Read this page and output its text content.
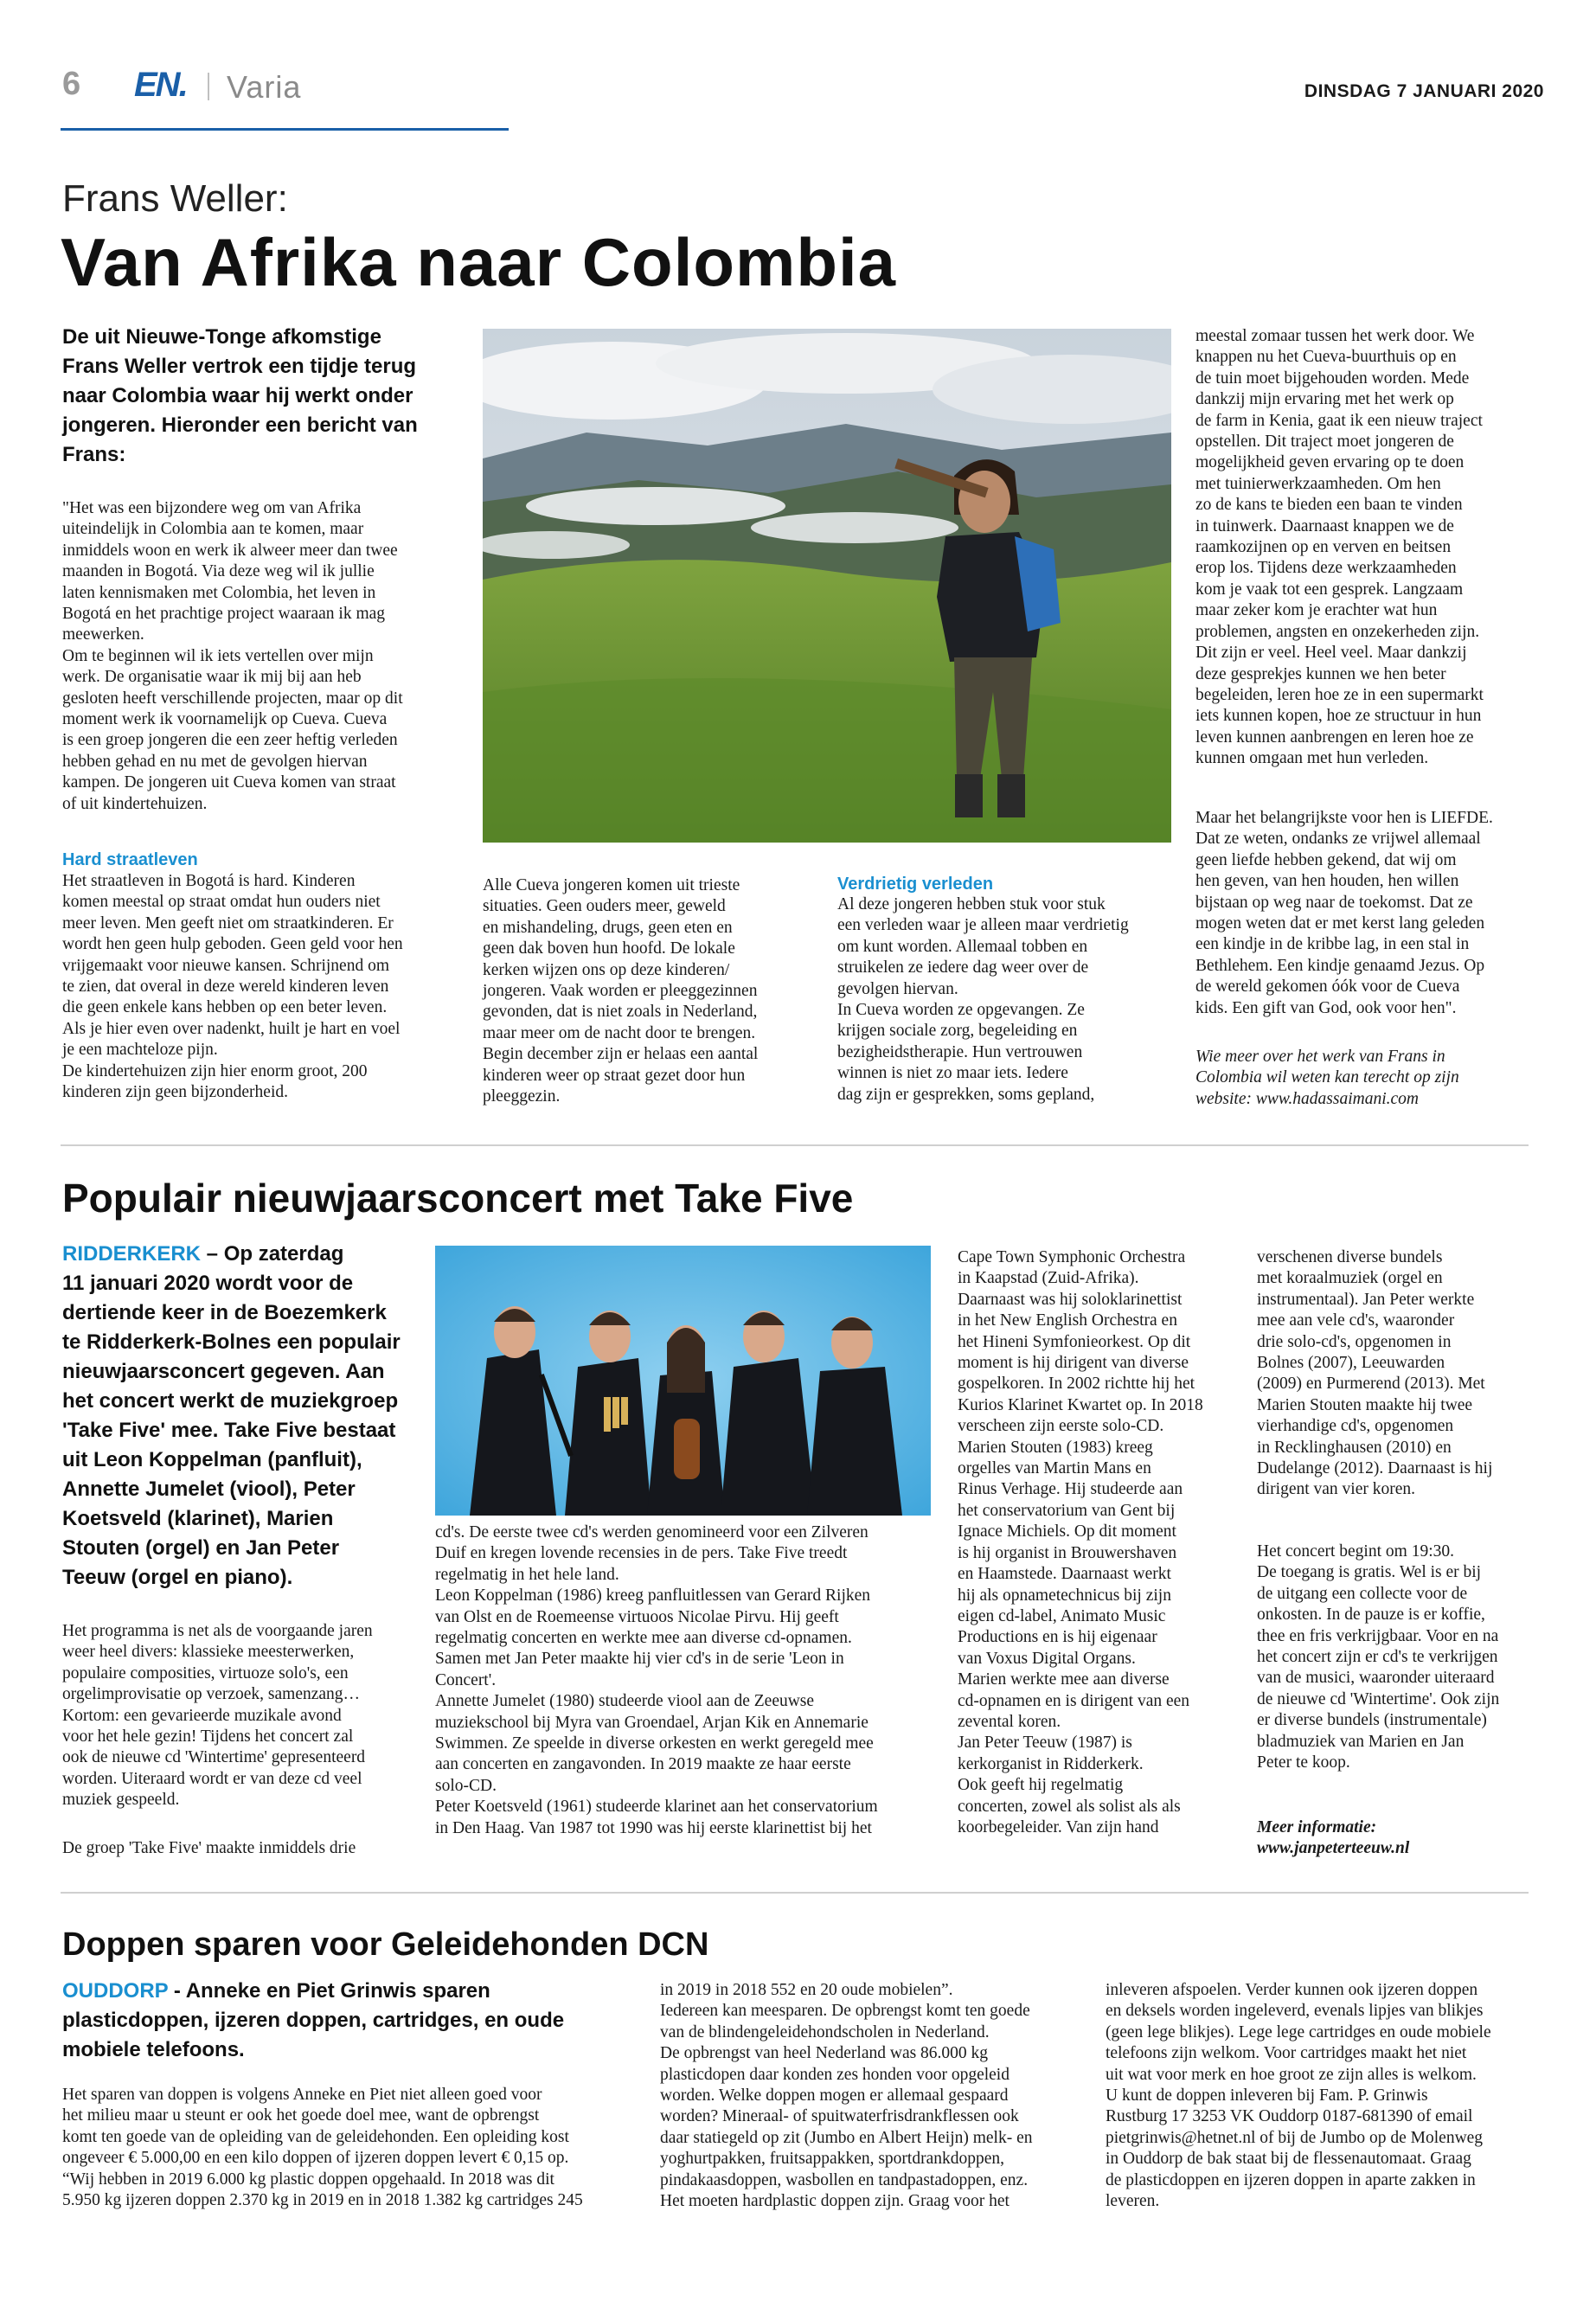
6 EN. Varia	DINSDAG 7 JANUARI 2020
Frans Weller:
Van Afrika naar Colombia
De uit Nieuwe-Tonge afkomstige
Frans Weller vertrok een tijdje terug
naar Colombia waar hij werkt onder
jongeren. Hieronder een bericht van
Frans:
"Het was een bijzondere weg om van Afrika
uiteindelijk in Colombia aan te komen, maar
inmiddels woon en werk ik alweer meer dan twee
maanden in Bogotá. Via deze weg wil ik jullie
laten kennismaken met Colombia, het leven in
Bogotá en het prachtige project waaraan ik mag
meewerken.
Om te beginnen wil ik iets vertellen over mijn
werk. De organisatie waar ik mij bij aan heb
gesloten heeft verschillende projecten, maar op dit
moment werk ik voornamelijk op Cueva. Cueva
is een groep jongeren die een zeer heftig verleden
hebben gehad en nu met de gevolgen hiervan
kampen. De jongeren uit Cueva komen van straat
of uit kindertehuizen.
Hard straatleven
Het straatleven in Bogotá is hard. Kinderen
komen meestal op straat omdat hun ouders niet
meer leven. Men geeft niet om straatkinderen. Er
wordt hen geen hulp geboden. Geen geld voor hen
vrijgemaakt voor nieuwe kansen. Schrijnend om
te zien, dat overal in deze wereld kinderen leven
die geen enkele kans hebben op een beter leven.
Als je hier even over nadenkt, huilt je hart en voel
je een machteloze pijn.
De kindertehuizen zijn hier enorm groot, 200
kinderen zijn geen bijzonderheid.
Alle Cueva jongeren komen uit trieste
situaties. Geen ouders meer, geweld
en mishandeling, drugs, geen eten en
geen dak boven hun hoofd. De lokale
kerken wijzen ons op deze kinderen/
jongeren. Vaak worden er pleeggezinnen
gevonden, dat is niet zoals in Nederland,
maar meer om de nacht door te brengen.
Begin december zijn er helaas een aantal
kinderen weer op straat gezet door hun
pleeggezin.
Verdrietig verleden
Al deze jongeren hebben stuk voor stuk
een verleden waar je alleen maar verdrietig
om kunt worden. Allemaal tobben en
struikelen ze iedere dag weer over de
gevolgen hiervan.
In Cueva worden ze opgevangen. Ze
krijgen sociale zorg, begeleiding en
bezigheidstherapie. Hun vertrouwen
winnen is niet zo maar iets. Iedere
dag zijn er gesprekken, soms gepland,
meestal zomaar tussen het werk door. We
knappen nu het Cueva-buurthuis op en
de tuin moet bijgehouden worden. Mede
dankzij mijn ervaring met het werk op
de farm in Kenia, gaat ik een nieuw traject
opstellen. Dit traject moet jongeren de
mogelijkheid geven ervaring op te doen
met tuinierwerkzaamheden. Om hen
zo de kans te bieden een baan te vinden
in tuinwerk. Daarnaast knappen we de
raamkozijnen op en verven en beitsen
erop los. Tijdens deze werkzaamheden
kom je vaak tot een gesprek. Langzaam
maar zeker kom je erachter wat hun
problemen, angsten en onzekerheden zijn.
Dit zijn er veel. Heel veel. Maar dankzij
deze gesprekjes kunnen we hen beter
begeleiden, leren hoe ze in een supermarkt
iets kunnen kopen, hoe ze structuur in hun
leven kunnen aanbrengen en leren hoe ze
kunnen omgaan met hun verleden.
Maar het belangrijkste voor hen is LIEFDE.
Dat ze weten, ondanks ze vrijwel allemaal
geen liefde hebben gekend, dat wij om
hen geven, van hen houden, hen willen
bijstaan op weg naar de toekomst. Dat ze
mogen weten dat er met kerst lang geleden
een kindje in de kribbe lag, in een stal in
Bethlehem. Een kindje genaamd Jezus. Op
de wereld gekomen óók voor de Cueva
kids. Een gift van God, ook voor hen".
Wie meer over het werk van Frans in
Colombia wil weten kan terecht op zijn
website: www.hadassaimani.com
Populair nieuwjaarsconcert met Take Five
RIDDERKERK – Op zaterdag
11 januari 2020 wordt voor de
dertiende keer in de Boezemkerk
te Ridderkerk-Bolnes een populair
nieuwjaarsconcert gegeven. Aan
het concert werkt de muziekgroep
'Take Five' mee. Take Five bestaat
uit Leon Koppelman (panfluit),
Annette Jumelet (viool), Peter
Koetsveld (klarinet), Marien
Stouten (orgel) en Jan Peter
Teeuw (orgel en piano).
Het programma is net als de voorgaande jaren
weer heel divers: klassieke meesterwerken,
populaire composities, virtuoze solo's, een
orgelimprovisatie op verzoek, samenzang…
Kortom: een gevarieerde muzikale avond
voor het hele gezin! Tijdens het concert zal
ook de nieuwe cd 'Wintertime' gepresenteerd
worden. Uiteraard wordt er van deze cd veel
muziek gespeeld.
De groep 'Take Five' maakte inmiddels drie
cd's. De eerste twee cd's werden genomineerd voor een Zilveren
Duif en kregen lovende recensies in de pers. Take Five treedt
regelmatig in het hele land.
Leon Koppelman (1986) kreeg panfluitlessen van Gerard Rijken
van Olst en de Roemeense virtuoos Nicolae Pirvu. Hij geeft
regelmatig concerten en werkte mee aan diverse cd-opnamen.
Samen met Jan Peter maakte hij vier cd's in de serie 'Leon in
Concert'.
Annette Jumelet (1980) studeerde viool aan de Zeeuwse
muziekschool bij Myra van Groendael, Arjan Kik en Annemarie
Swimmen. Ze speelde in diverse orkesten en werkt geregeld mee
aan concerten en zangavonden. In 2019 maakte ze haar eerste
solo-CD.
Peter Koetsveld (1961) studeerde klarinet aan het conservatorium
in Den Haag. Van 1987 tot 1990 was hij eerste klarinettist bij het
Cape Town Symphonic Orchestra
in Kaapstad (Zuid-Afrika).
Daarnaast was hij soloklarinettist
in het New English Orchestra en
het Hineni Symfonieorkest. Op dit
moment is hij dirigent van diverse
gospelkoren. In 2002 richtte hij het
Kurios Klarinet Kwartet op. In 2018
verscheen zijn eerste solo-CD.
Marien Stouten (1983) kreeg
orgelles van Martin Mans en
Rinus Verhage. Hij studeerde aan
het conservatorium van Gent bij
Ignace Michiels. Op dit moment
is hij organist in Brouwershaven
en Haamstede. Daarnaast werkt
hij als opnametechnicus bij zijn
eigen cd-label, Animato Music
Productions en is hij eigenaar
van Voxus Digital Organs.
Marien werkte mee aan diverse
cd-opnamen en is dirigent van een
zevental koren.
Jan Peter Teeuw (1987) is
kerkorganist in Ridderkerk.
Ook geeft hij regelmatig
concerten, zowel als solist als als
koorbegeleider. Van zijn hand
verschenen diverse bundels
met koraalmuziek (orgel en
instrumentaal). Jan Peter werkte
mee aan vele cd's, waaronder
drie solo-cd's, opgenomen in
Bolnes (2007), Leeuwarden
(2009) en Purmerend (2013). Met
Marien Stouten maakte hij twee
vierhandige cd's, opgenomen
in Recklinghausen (2010) en
Dudelange (2012). Daarnaast is hij
dirigent van vier koren.
Het concert begint om 19:30.
De toegang is gratis. Wel is er bij
de uitgang een collecte voor de
onkosten. In de pauze is er koffie,
thee en fris verkrijgbaar. Voor en na
het concert zijn er cd's te verkrijgen
van de musici, waaronder uiteraard
de nieuwe cd 'Wintertime'. Ook zijn
er diverse bundels (instrumentale)
bladmuziek van Marien en Jan
Peter te koop.
Meer informatie:
www.janpeterteeuw.nl
Doppen sparen voor Geleidehonden DCN
OUDDORP - Anneke en Piet Grinwis sparen
plasticdoppen, ijzeren doppen, cartridges, en oude
mobiele telefoons.
Het sparen van doppen is volgens Anneke en Piet niet alleen goed voor
het milieu maar u steunt er ook het goede doel mee, want de opbrengst
komt ten goede van de opleiding van de geleidehonden. Een opleiding kost
ongeveer € 5.000,00 en een kilo doppen of ijzeren doppen levert € 0,15 op.
“Wij hebben in 2019 6.000 kg plastic doppen opgehaald. In 2018 was dit
5.950 kg ijzeren doppen 2.370 kg in 2019 en in 2018 1.382 kg cartridges 245
in 2019 in 2018 552 en 20 oude mobielen”.
Iedereen kan meesparen. De opbrengst komt ten goede
van de blindengeleidehondscholen in Nederland.
De opbrengst van heel Nederland was 86.000 kg
plasticdopen daar konden zes honden voor opgeleid
worden. Welke doppen mogen er allemaal gespaard
worden? Mineraal- of spuitwaterfrisdrankflessen ook
daar statiegeld op zit (Jumbo en Albert Heijn) melk- en
yoghurtpakken, fruitsappakken, sportdrankdoppen,
pindakaasdoppen, wasbollen en tandpastadoppen, enz.
Het moeten hardplastic doppen zijn. Graag voor het
inleveren afspoelen. Verder kunnen ook ijzeren doppen
en deksels worden ingeleverd, evenals lipjes van blikjes
(geen lege blikjes). Lege lege cartridges en oude mobiele
telefoons zijn welkom. Voor cartridges maakt het niet
uit wat voor merk en hoe groot ze zijn alles is welkom.
U kunt de doppen inleveren bij Fam. P. Grinwis
Rustburg 17 3253 VK Ouddorp 0187-681390 of email
pietgrinwis@hetnet.nl of bij de Jumbo op de Molenweg
in Ouddorp de bak staat bij de flessenautomaat. Graag
de plasticdoppen en ijzeren doppen in aparte zakken in
leveren.
